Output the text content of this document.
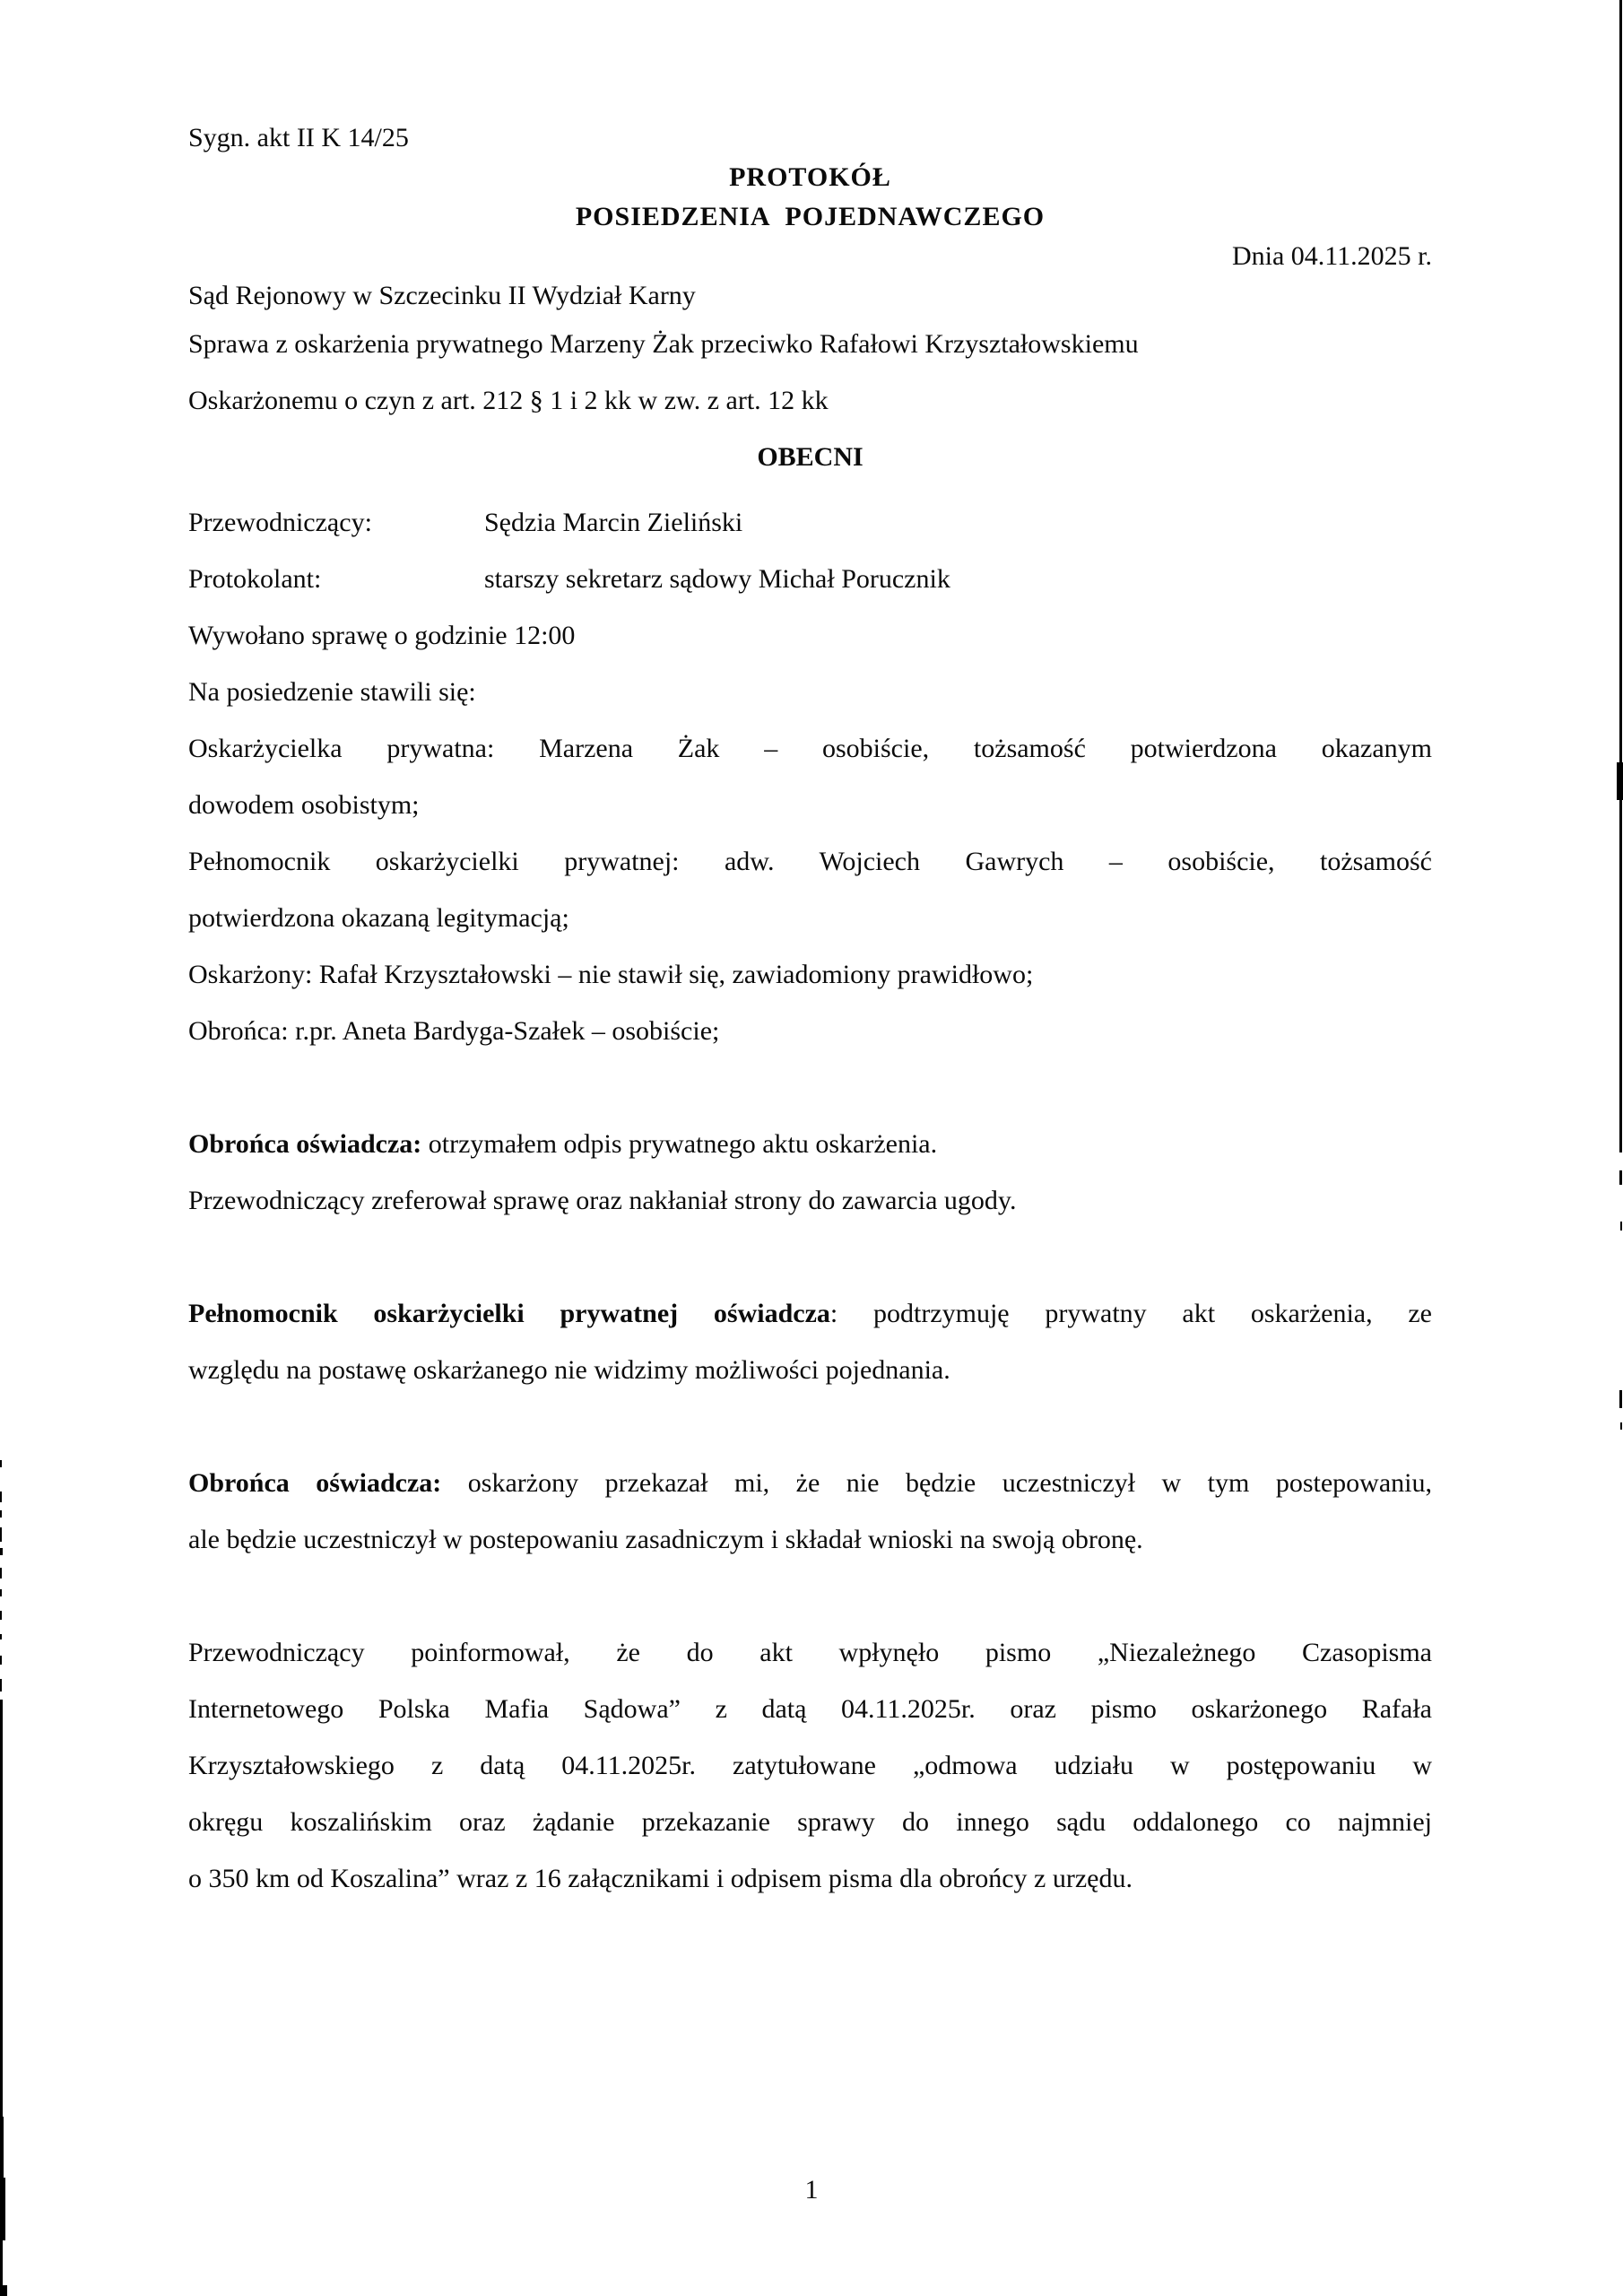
Sygn. akt II K 14/25

PROTOKÓŁ

POSIEDZENIA POJEDNAWCZEGO

Dnia 04.11.2025 r.

Sąd Rejonowy w Szczecinku II Wydział Karny

Sprawa z oskarżenia prywatnego Marzeny Żak przeciwko Rafałowi Krzyształowskiemu

Oskarżonemu o czyn z art. 212 § 1 i 2 kk w zw. z art. 12 kk

OBECNI

Przewodniczący:	Sędzia Marcin Zieliński

Protokolant:	starszy sekretarz sądowy Michał Porucznik

Wywołano sprawę o godzinie 12:00

Na posiedzenie stawili się:

Oskarżycielka prywatna: Marzena Żak – osobiście, tożsamość potwierdzona okazanym
dowodem osobistym;
Pełnomocnik oskarżycielki prywatnej: adw. Wojciech Gawrych – osobiście, tożsamość
potwierdzona okazaną legitymacją;

Oskarżony: Rafał Krzyształowski – nie stawił się, zawiadomiony prawidłowo;

Obrońca: r.pr. Aneta Bardyga-Szałek – osobiście;

Obrońca oświadcza: otrzymałem odpis prywatnego aktu oskarżenia.

Przewodniczący zreferował sprawę oraz nakłaniał strony do zawarcia ugody.

Pełnomocnik oskarżycielki prywatnej oświadcza: podtrzymuję prywatny akt oskarżenia, ze
względu na postawę oskarżanego nie widzimy możliwości pojednania.
Obrońca oświadcza: oskarżony przekazał mi, że nie będzie uczestniczył w tym postepowaniu,
ale będzie uczestniczył w postepowaniu zasadniczym i składał wnioski na swoją obronę.
Przewodniczący poinformował, że do akt wpłynęło pismo „Niezależnego Czasopisma
Internetowego Polska Mafia Sądowa” z datą 04.11.2025r. oraz pismo oskarżonego Rafała
Krzyształowskiego z datą 04.11.2025r. zatytułowane „odmowa udziału w postępowaniu w
okręgu koszalińskim oraz żądanie przekazanie sprawy do innego sądu oddalonego co najmniej
o 350 km od Koszalina” wraz z 16 załącznikami i odpisem pisma dla obrońcy z urzędu.
1
